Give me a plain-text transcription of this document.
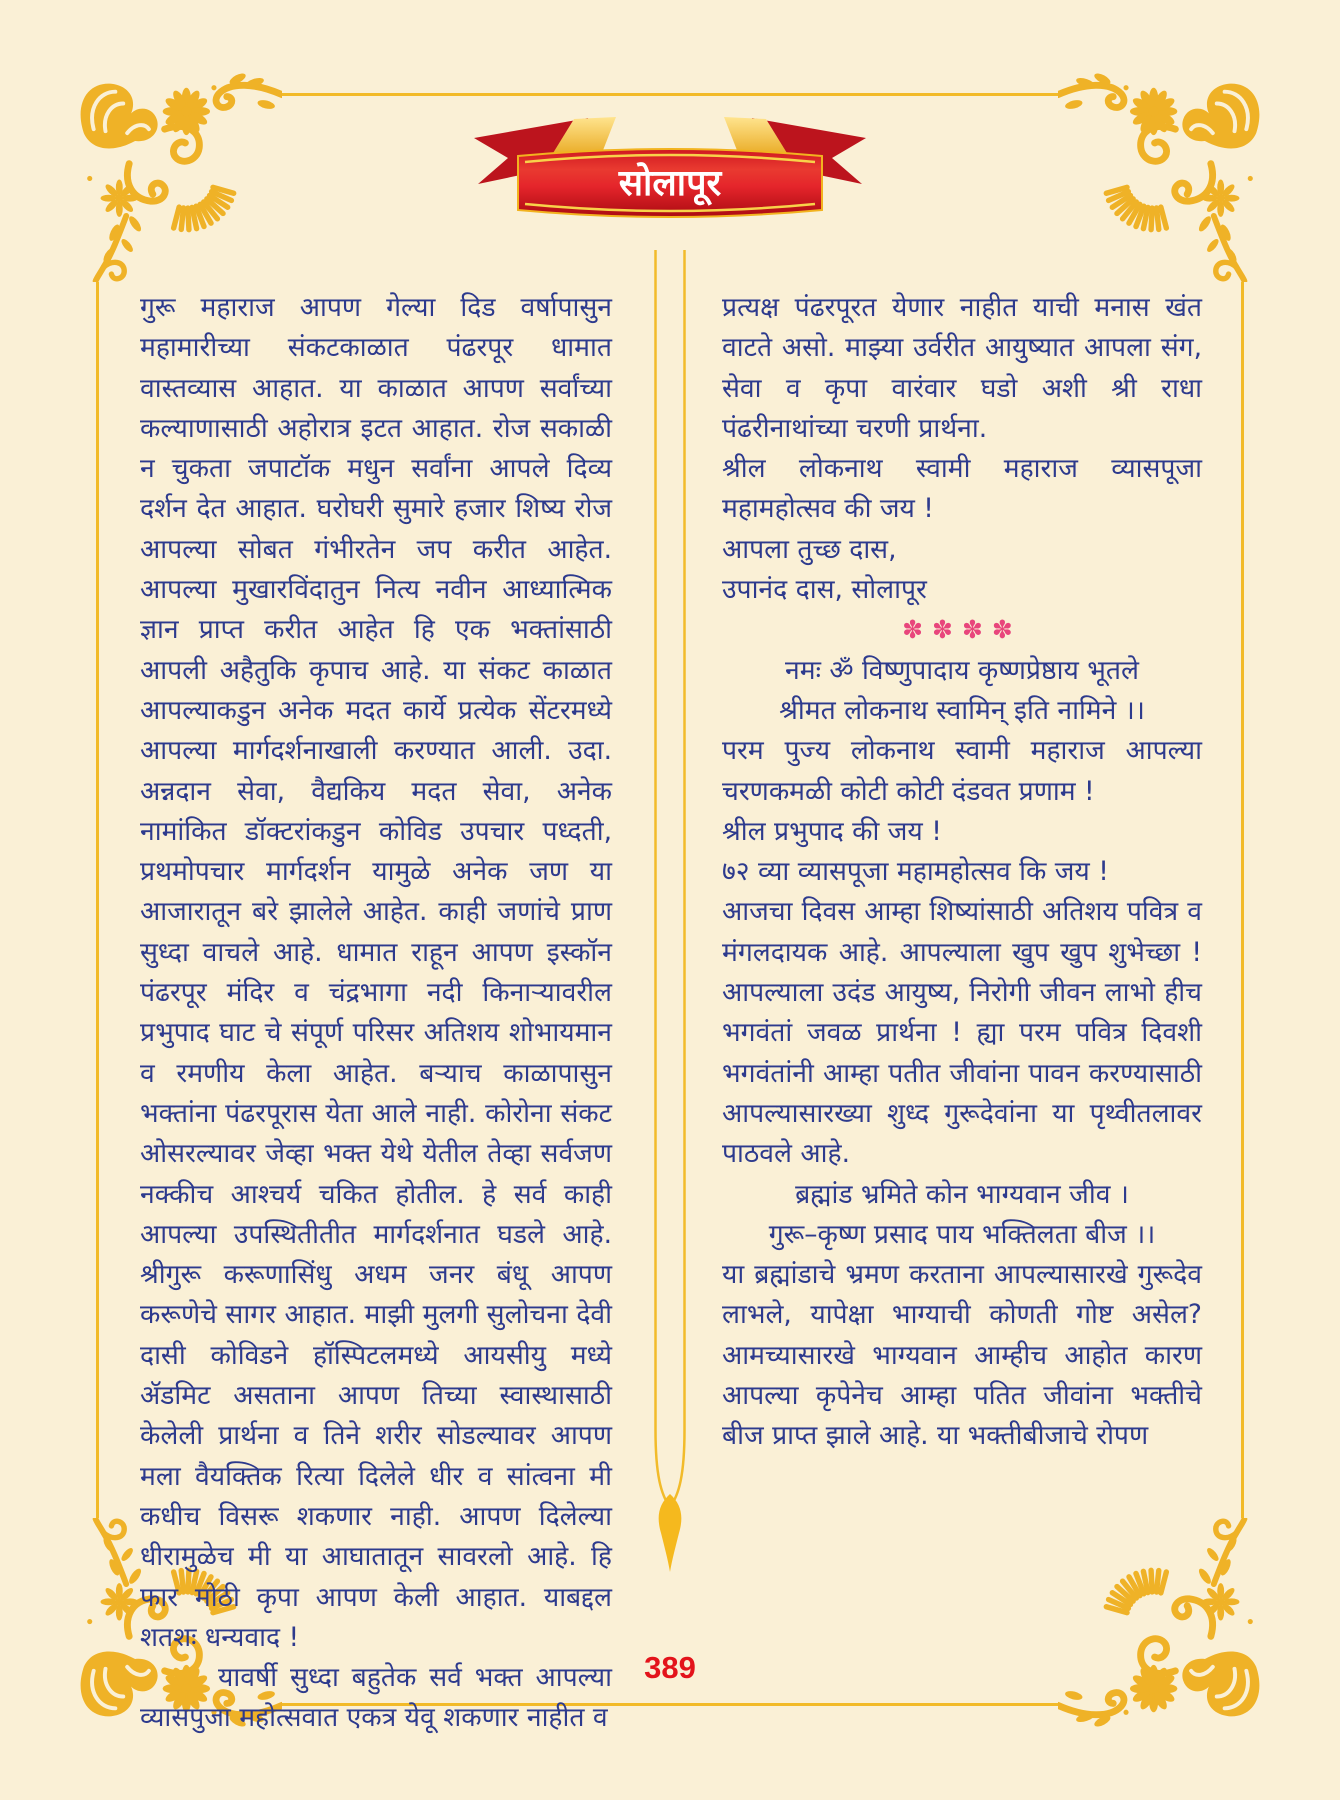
सोलापूर

गुरू महाराज आपण गेल्या दिड वर्षापासुन महामारीच्या संकटकाळात पंढरपूर धामात वास्तव्यास आहात. या काळात आपण सर्वांच्या कल्याणासाठी अहोरात्र इटत आहात. रोज सकाळी न चुकता जपाटॉक मधुन सर्वांना आपले दिव्य दर्शन देत आहात. घरोघरी सुमारे हजार शिष्य रोज आपल्या सोबत गंभीरतेन जप करीत आहेत. आपल्या मुखारविंदातुन नित्य नवीन आध्यात्मिक ज्ञान प्राप्त करीत आहेत हि एक भक्तांसाठी आपली अहैतुकि कृपाच आहे. या संकट काळात आपल्याकडुन अनेक मदत कार्ये प्रत्येक सेंटरमध्ये आपल्या मार्गदर्शनाखाली करण्यात आली. उदा. अन्नदान सेवा, वैद्यकिय मदत सेवा, अनेक नामांकित डॉक्टरांकडुन कोविड उपचार पध्दती, प्रथमोपचार मार्गदर्शन यामुळे अनेक जण या आजारातून बरे झालेले आहेत. काही जणांचे प्राण सुध्दा वाचले आहे. धामात राहून आपण इस्कॉन पंढरपूर मंदिर व चंद्रभागा नदी किनाऱ्यावरील प्रभुपाद घाट चे संपूर्ण परिसर अतिशय शोभायमान व रमणीय केला आहेत. बऱ्याच काळापासुन भक्तांना पंढरपूरास येता आले नाही. कोरोना संकट ओसरल्यावर जेव्हा भक्त येथे येतील तेव्हा सर्वजण नक्कीच आश्चर्य चकित होतील. हे सर्व काही आपल्या उपस्थितीतीत मार्गदर्शनात घडले आहे. श्रीगुरू करूणासिंधु अधम जनर बंधू आपण करूणेचे सागर आहात. माझी मुलगी सुलोचना देवी दासी कोविडने हॉस्पिटलमध्ये आयसीयु मध्ये ॲडमिट असताना आपण तिच्या स्वास्थासाठी केलेली प्रार्थना व तिने शरीर सोडल्यावर आपण मला वैयक्तिक रित्या दिलेले धीर व सांत्वना मी कधीच विसरू शकणार नाही. आपण दिलेल्या धीरामुळेच मी या आघातातून सावरलो आहे. हि फार मोठी कृपा आपण केली आहात. याबद्दल शतशः धन्यवाद !

यावर्षी सुध्दा बहुतेक सर्व भक्त आपल्या व्यासपुजा महोत्सवात एकत्र येवू शकणार नाहीत व

प्रत्यक्ष पंढरपूरत येणार नाहीत याची मनास खंत वाटते असो. माझ्या उर्वरीत आयुष्यात आपला संग, सेवा व कृपा वारंवार घडो अशी श्री राधा पंढरीनाथांच्या चरणी प्रार्थना.

श्रील लोकनाथ स्वामी महाराज व्यासपूजा महामहोत्सव की जय !

आपला तुच्छ दास,

उपानंद दास, सोलापूर

✽✽✽✽

नमः ॐ विष्णुपादाय कृष्णप्रेष्ठाय भूतले

श्रीमत लोकनाथ स्वामिन् इति नामिने ।।

परम पुज्य लोकनाथ स्वामी महाराज आपल्या चरणकमळी कोटी कोटी दंडवत प्रणाम !

श्रील प्रभुपाद की जय !

७२ व्या व्यासपूजा महामहोत्सव कि जय !

आजचा दिवस आम्हा शिष्यांसाठी अतिशय पवित्र व मंगलदायक आहे. आपल्याला खुप खुप शुभेच्छा ! आपल्याला उदंड आयुष्य, निरोगी जीवन लाभो हीच भगवंतां जवळ प्रार्थना ! ह्या परम पवित्र दिवशी भगवंतांनी आम्हा पतीत जीवांना पावन करण्यासाठी आपल्यासारख्या शुध्द गुरूदेवांना या पृथ्वीतलावर पाठवले आहे.

ब्रह्मांड भ्रमिते कोन भाग्यवान जीव ।

गुरू–कृष्ण प्रसाद पाय भक्तिलता बीज ।।

या ब्रह्मांडाचे भ्रमण करताना आपल्यासारखे गुरूदेव लाभले, यापेक्षा भाग्याची कोणती गोष्ट असेल? आमच्यासारखे भाग्यवान आम्हीच आहोत कारण आपल्या कृपेनेच आम्हा पतित जीवांना भक्तीचे बीज प्राप्त झाले आहे. या भक्तीबीजाचे रोपण

389
